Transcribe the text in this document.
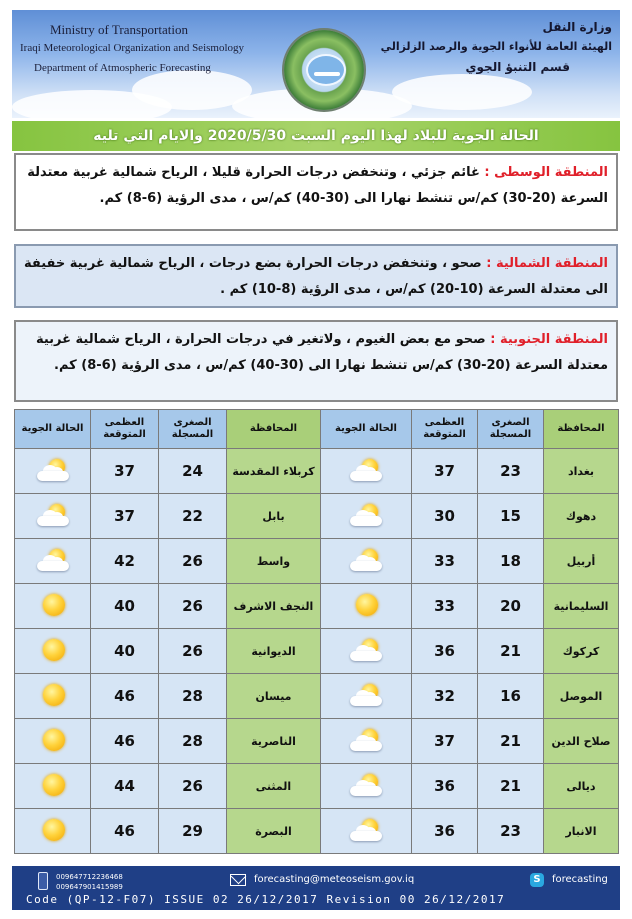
Ministry of Transportation
Iraqi Meteorological Organization and Seismology
Department of Atmospheric Forecasting
وزارة النقل
الهيئة العامة للأنواء الجوية والرصد الزلزالي
قسم التنبؤ الجوي
الحالة الجوية للبلاد لهذا اليوم السبت 2020/5/30 والايام التي تليه
المنطقة الوسطى : غائم جزئي ، وتنخفض درجات الحرارة قليلا ، الرياح شمالية غربية معتدلة السرعة (20-30) كم/س تنشط نهارا الى (30-40) كم/س ، مدى الرؤية (6-8) كم.
المنطقة الشمالية : صحو ، وتنخفض درجات الحرارة بضع درجات ، الرياح شمالية غربية خفيفة الى معتدلة السرعة (10-20) كم/س ، مدى الرؤية (8-10) كم .
المنطقة الجنوبية : صحو مع بعض الغيوم ، ولاتغير في درجات الحرارة ، الرياح شمالية غربية معتدلة السرعة (20-30) كم/س تنشط نهارا الى (30-40) كم/س ، مدى الرؤية (6-8) كم.
المحافظة	الصغرى المسجلة	العظمى المتوقعة	الحالة الجوية	المحافظة	الصغرى المسجلة	العظمى المتوقعة	الحالة الجوية
بغداد	23	37		كربلاء المقدسة	24	37	

دهوك	15	30		بابل	22	37	

أربيل	18	33		واسط	26	42	

السليمانية	20	33		النجف الاشرف	26	40	

كركوك	21	36		الديوانية	26	40	

الموصل	16	32		ميسان	28	46	

صلاح الدين	21	37		الناصرية	28	46	

ديالى	21	36		المثنى	26	44	

الانبار	23	36		البصرة	29	46	
009647712236468
009647901415989
forecasting@meteoseism.gov.iq	S	forecasting
Code (QP-12-F07) ISSUE 02 26/12/2017 Revision 00 26/12/2017
